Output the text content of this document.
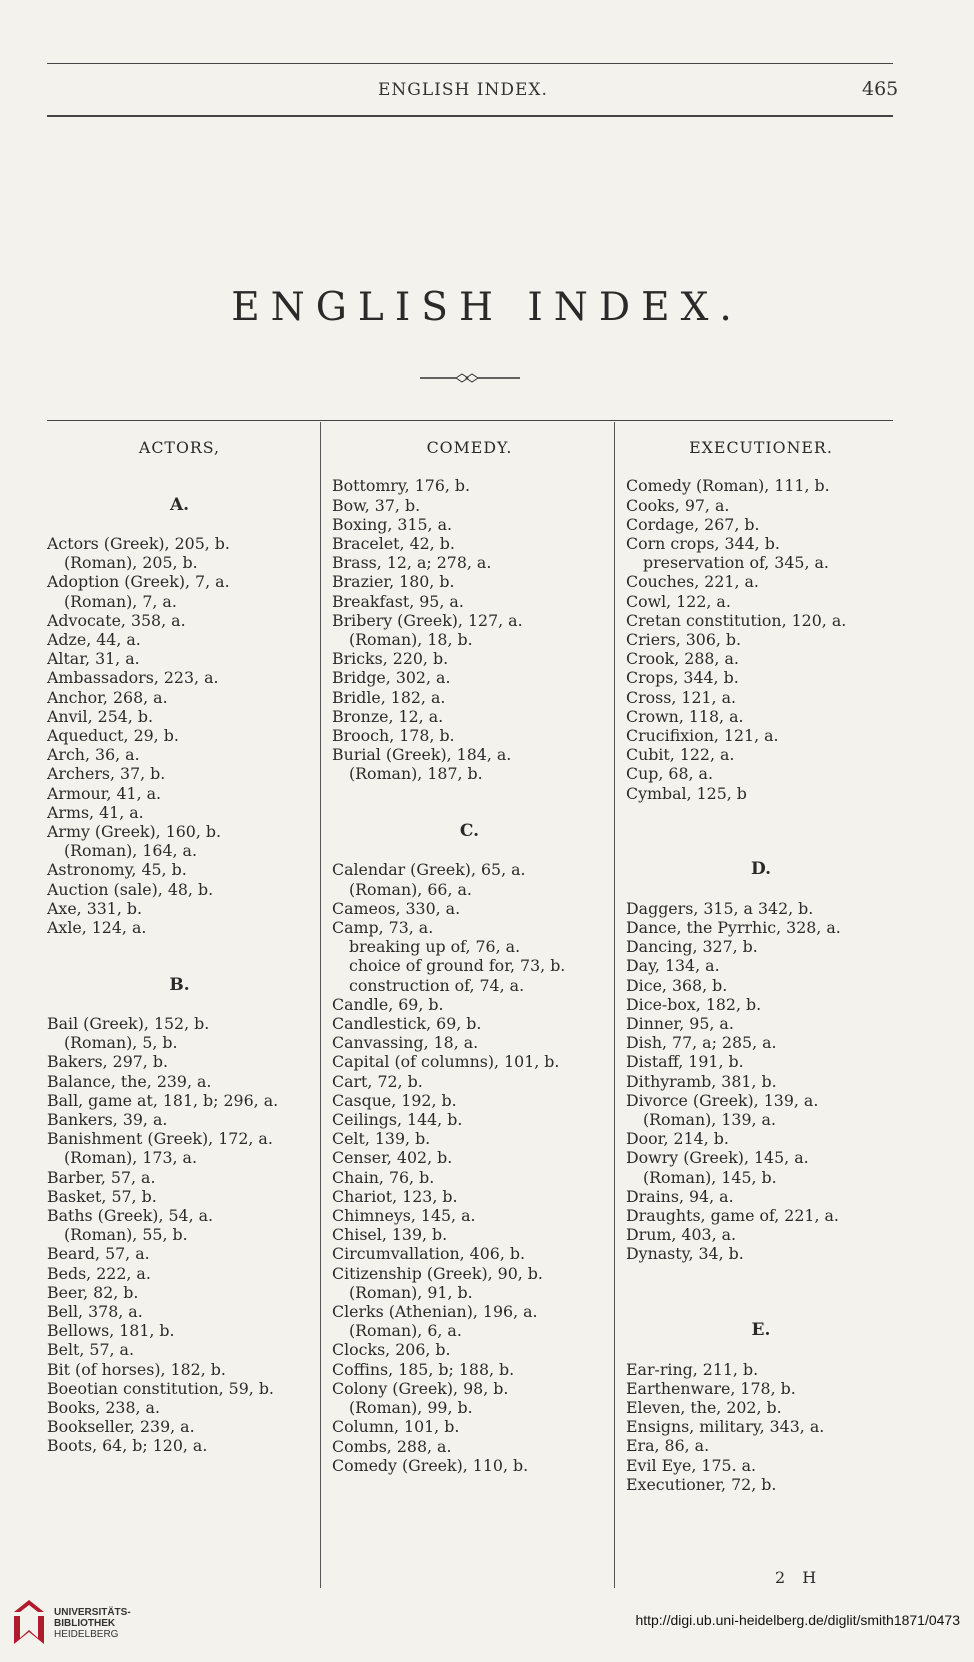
ENGLISH INDEX.	465
ENGLISH INDEX.
ACTORS,
A.
Actors (Greek), 205, b.
(Roman), 205, b.
Adoption (Greek), 7, a.
(Roman), 7, a.
Advocate, 358, a.
Adze, 44, a.
Altar, 31, a.
Ambassadors, 223, a.
Anchor, 268, a.
Anvil, 254, b.
Aqueduct, 29, b.
Arch, 36, a.
Archers, 37, b.
Armour, 41, a.
Arms, 41, a.
Army (Greek), 160, b.
(Roman), 164, a.
Astronomy, 45, b.
Auction (sale), 48, b.
Axe, 331, b.
Axle, 124, a.
B.
Bail (Greek), 152, b.
(Roman), 5, b.
Bakers, 297, b.
Balance, the, 239, a.
Ball, game at, 181, b; 296, a.
Bankers, 39, a.
Banishment (Greek), 172, a.
(Roman), 173, a.
Barber, 57, a.
Basket, 57, b.
Baths (Greek), 54, a.
(Roman), 55, b.
Beard, 57, a.
Beds, 222, a.
Beer, 82, b.
Bell, 378, a.
Bellows, 181, b.
Belt, 57, a.
Bit (of horses), 182, b.
Boeotian constitution, 59, b.
Books, 238, a.
Bookseller, 239, a.
Boots, 64, b; 120, a.
COMEDY.
Bottomry, 176, b.
Bow, 37, b.
Boxing, 315, a.
Bracelet, 42, b.
Brass, 12, a; 278, a.
Brazier, 180, b.
Breakfast, 95, a.
Bribery (Greek), 127, a.
(Roman), 18, b.
Bricks, 220, b.
Bridge, 302, a.
Bridle, 182, a.
Bronze, 12, a.
Brooch, 178, b.
Burial (Greek), 184, a.
(Roman), 187, b.
C.
Calendar (Greek), 65, a.
(Roman), 66, a.
Cameos, 330, a.
Camp, 73, a.
breaking up of, 76, a.
choice of ground for, 73, b.
construction of, 74, a.
Candle, 69, b.
Candlestick, 69, b.
Canvassing, 18, a.
Capital (of columns), 101, b.
Cart, 72, b.
Casque, 192, b.
Ceilings, 144, b.
Celt, 139, b.
Censer, 402, b.
Chain, 76, b.
Chariot, 123, b.
Chimneys, 145, a.
Chisel, 139, b.
Circumvallation, 406, b.
Citizenship (Greek), 90, b.
(Roman), 91, b.
Clerks (Athenian), 196, a.
(Roman), 6, a.
Clocks, 206, b.
Coffins, 185, b; 188, b.
Colony (Greek), 98, b.
(Roman), 99, b.
Column, 101, b.
Combs, 288, a.
Comedy (Greek), 110, b.
EXECUTIONER.
Comedy (Roman), 111, b.
Cooks, 97, a.
Cordage, 267, b.
Corn crops, 344, b.
preservation of, 345, a.
Couches, 221, a.
Cowl, 122, a.
Cretan constitution, 120, a.
Criers, 306, b.
Crook, 288, a.
Crops, 344, b.
Cross, 121, a.
Crown, 118, a.
Crucifixion, 121, a.
Cubit, 122, a.
Cup, 68, a.
Cymbal, 125, b
D.
Daggers, 315, a 342, b.
Dance, the Pyrrhic, 328, a.
Dancing, 327, b.
Day, 134, a.
Dice, 368, b.
Dice-box, 182, b.
Dinner, 95, a.
Dish, 77, a; 285, a.
Distaff, 191, b.
Dithyramb, 381, b.
Divorce (Greek), 139, a.
(Roman), 139, a.
Door, 214, b.
Dowry (Greek), 145, a.
(Roman), 145, b.
Drains, 94, a.
Draughts, game of, 221, a.
Drum, 403, a.
Dynasty, 34, b.
E.
Ear-ring, 211, b.
Earthenware, 178, b.
Eleven, the, 202, b.
Ensigns, military, 343, a.
Era, 86, a.
Evil Eye, 175. a.
Executioner, 72, b.
2 H
UNIVERSITÄTS-
BIBLIOTHEK
HEIDELBERG
http://digi.ub.uni-heidelberg.de/diglit/smith1871/0473
